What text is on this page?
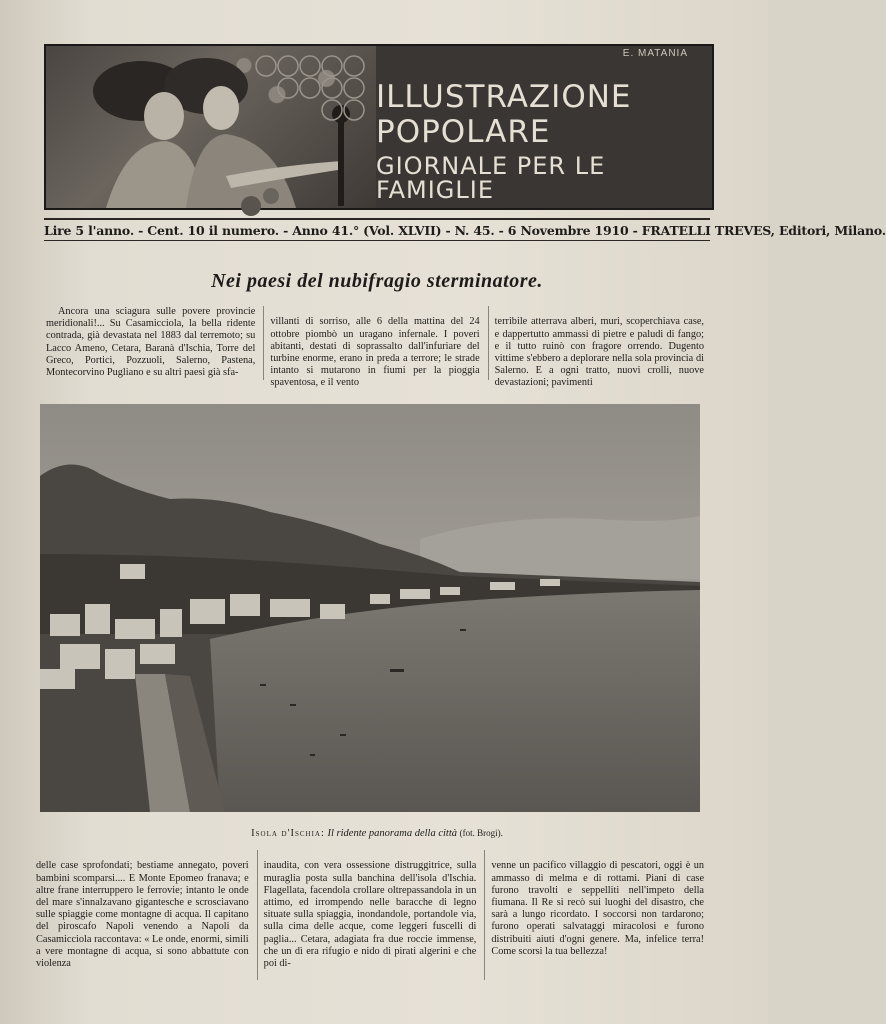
E. MATANIA
ILLUSTRAZIONE
POPOLARE
GIORNALE PER LE FAMIGLIE
Lire 5 l'anno. - Cent. 10 il numero. - Anno 41.° (Vol. XLVII) - N. 45. - 6 Novembre 1910 - FRATELLI TREVES, Editori, Milano.
Nei paesi del nubifragio sterminatore.

Ancora una sciagura sulle povere provincie meridionali!... Su Casamicciola, la bella ridente contrada, già devastata nel 1883 dal terremoto; su Lacco Ameno, Cetara, Baranà d'Ischia, Torre del Greco, Portici, Pozzuoli, Salerno, Pastena, Montecorvino Pugliano e su altri paesi già sfa-

villanti di sorriso, alle 6 della mattina del 24 ottobre piombò un uragano infernale. I poveri abitanti, destati di soprassalto dall'infuriare del turbine enorme, erano in preda a terrore; le strade intanto si mutarono in fiumi per la pioggia spaventosa, e il vento

terribile atterrava alberi, muri, scoperchiava case, e dappertutto ammassi di pietre e paludi di fango; e il tutto ruinò con fragore orrendo. Dugento vittime s'ebbero a deplorare nella sola provincia di Salerno. E a ogni tratto, nuovi crolli, nuove devastazioni; pavimenti

Isola d'Ischia: Il ridente panorama della città (fot. Brogi).

delle case sprofondati; bestiame annegato, poveri bambini scomparsi.... E Monte Epomeo franava; e altre frane interruppero le ferrovie; intanto le onde del mare s'innalzavano gigantesche e scrosciavano sulle spiaggie come montagne di acqua. Il capitano del piroscafo Napoli venendo a Napoli da Casamicciola raccontava: « Le onde, enormi, simili a vere montagne di acqua, si sono abbattute con violenza

inaudita, con vera ossessione distruggitrice, sulla muraglia posta sulla banchina dell'isola d'Ischia. Flagellata, facendola crollare oltrepassandola in un attimo, ed irrompendo nelle baracche di legno situate sulla spiaggia, inondandole, portandole via, sulla cima delle acque, come leggeri fuscelli di paglia... Cetara, adagiata fra due roccie immense, che un dì era rifugio e nido di pirati algerini e che poi di-

venne un pacifico villaggio di pescatori, oggi è un ammasso di melma e di rottami. Piani di case furono travolti e seppelliti nell'impeto della fiumana. Il Re si recò sui luoghi del disastro, che sarà a lungo ricordato. I soccorsi non tardarono; furono operati salvataggi miracolosi e furono distribuiti aiuti d'ogni genere. Ma, infelice terra! Come scorsi la tua bellezza!
